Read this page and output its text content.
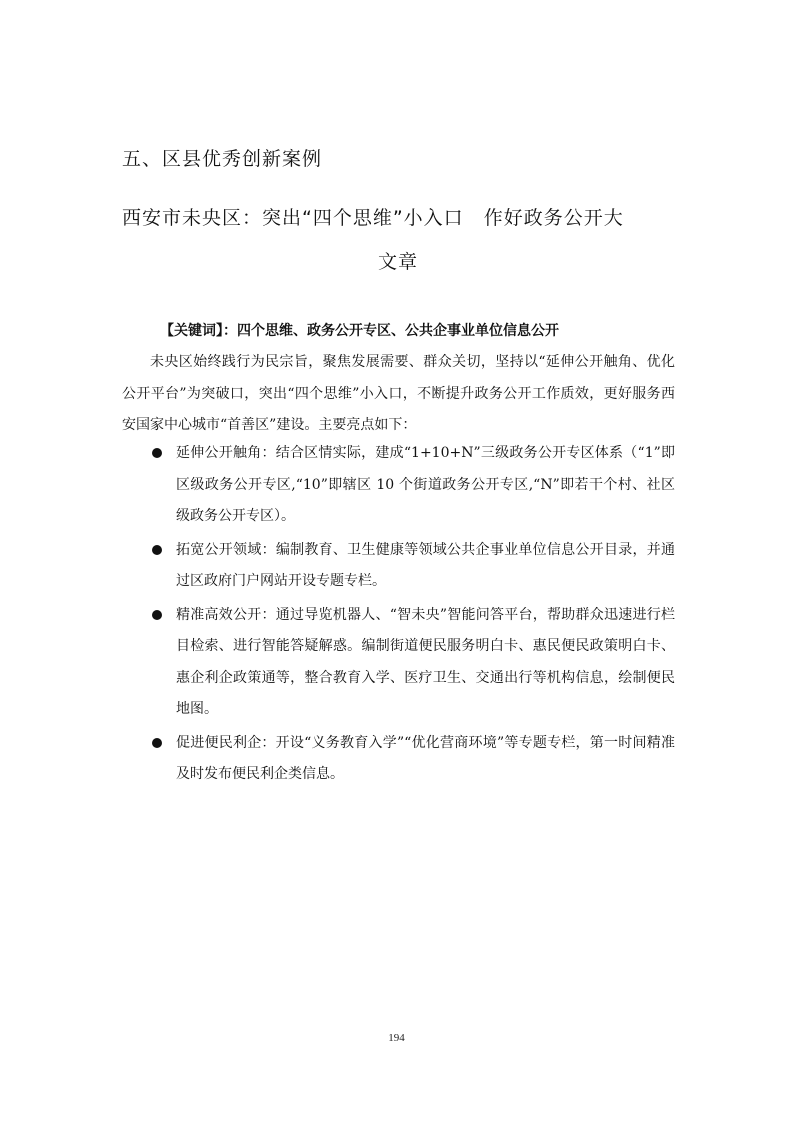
五、区县优秀创新案例
西安市未央区：突出“四个思维”小入口　作好政务公开大
文章

【关键词】：四个思维、政务公开专区、公共企事业单位信息公开

未央区始终践行为民宗旨，聚焦发展需要、群众关切，坚持以“延伸公开触角、优化公开平台”为突破口，突出“四个思维”小入口，不断提升政务公开工作质效，更好服务西安国家中心城市“首善区”建设。主要亮点如下：

延伸公开触角：结合区情实际，建成“1+10+N”三级政务公开专区体系（“1”即区级政务公开专区,“10”即辖区 10 个街道政务公开专区,“N”即若干个村、社区级政务公开专区）。
拓宽公开领域：编制教育、卫生健康等领域公共企事业单位信息公开目录，并通过区政府门户网站开设专题专栏。
精准高效公开：通过导览机器人、“智未央”智能问答平台，帮助群众迅速进行栏目检索、进行智能答疑解惑。编制街道便民服务明白卡、惠民便民政策明白卡、惠企利企政策通等，整合教育入学、医疗卫生、交通出行等机构信息，绘制便民地图。
促进便民利企：开设“义务教育入学”“优化营商环境”等专题专栏，第一时间精准及时发布便民利企类信息。
194
